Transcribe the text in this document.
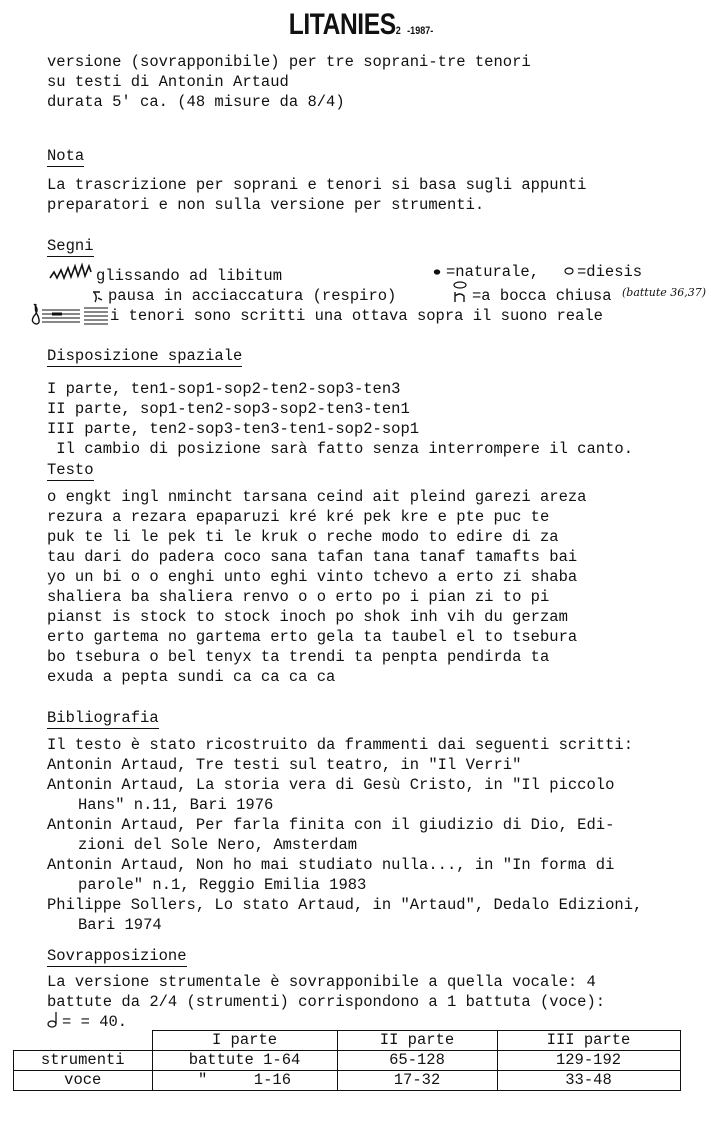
LITANIES2 -1987-
versione (sovrapponibile) per tre soprani-tre tenori
su testi di Antonin Artaud
durata 5' ca. (48 misure da 8/4)
Nota
La trascrizione per soprani e tenori si basa sugli appunti
preparatori e non sulla versione per strumenti.
Segni
glissando ad libitum	=naturale, =diesis
pausa in acciaccatura (respiro)	=a bocca chiusa (battute 36,37)
i tenori sono scritti una ottava sopra il suono reale
Disposizione spaziale
I parte, ten1-sop1-sop2-ten2-sop3-ten3
II parte, sop1-ten2-sop3-sop2-ten3-ten1
III parte, ten2-sop3-ten3-ten1-sop2-sop1
Il cambio di posizione sarà fatto senza interrompere il canto.
Testo
o engkt ingl nminсht tarsana ceind ait pleind garezi areza
rezura a rezara epaparuzi kré kré pek kre e pte puc te
puk te li le pek ti le kruk o reche modo to edire di za
tau dari do padera coco sana tafan tana tanaf tamafts bai
yo un bi o o enghi unto eghi vinto tchevo a erto zi shaba
shaliera ba shaliera renvo o o erto po i pian zi to pi
pianst is stock to stock inoch po shok inh vih du gerzam
erto gartema no gartema erto gela ta taubel el to tsebura
bo tsebura o bel tenyx ta trendi ta penpta pendirda ta
exuda a pepta sundi ca ca ca ca
Bibliografia
Il testo è stato ricostruito da frammenti dai seguenti scritti:
Antonin Artaud, Tre testi sul teatro, in "Il Verri"
Antonin Artaud, La storia vera di Gesù Cristo, in "Il piccolo
Hans" n.11, Bari 1976
Antonin Artaud, Per farla finita con il giudizio di Dio, Edi-
zioni del Sole Nero, Amsterdam
Antonin Artaud, Non ho mai studiato nulla..., in "In forma di
parole" n.1, Reggio Emilia 1983
Philippe Sollers, Lo stato Artaud, in "Artaud", Dedalo Edizioni,
Bari 1974
Sovrapposizione
La versione strumentale è sovrapponibile a quella vocale: 4
battute da 2/4 (strumenti) corrispondono a 1 battuta (voce):
= = 40.
	I parte	II parte	III parte
strumenti	battute 1-64	65-128	129-192
voce	"     1-16	17-32	33-48
